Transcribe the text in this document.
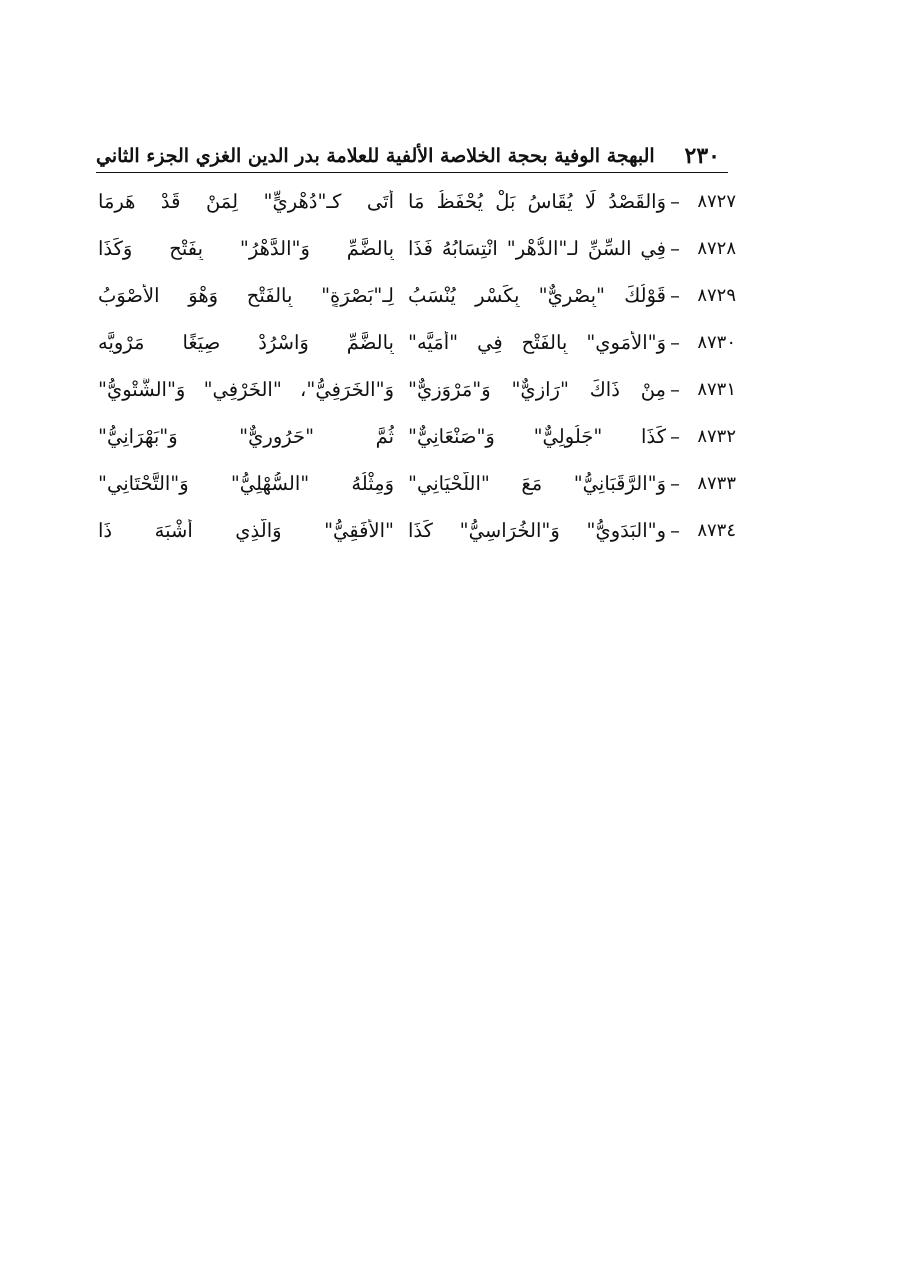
٢٣٠
البهجة الوفية بحجة الخلاصة الألفية للعلامة بدر الدين الغزي الجزء الثاني
٨٧٢٧
–
وَالقَصْدُ لَا يُقَاسُ بَلْ يُحْفَظُ مَا
أَتَى كـ"دُهْرِيٍّ" لِمَنْ قَدْ هَرِمَا
٨٧٢٨
–
فِي السِّنِّ لـ"الدُّهْرِ" انْتِسَابُهُ فَذَا
بِالضَّمِّ وَ"الدَّهْرُ" بِفَتْحٍ وَكَذَا
٨٧٢٩
–
قَوْلُكَ "بِصْرِيٌّ" بِكَسْرٍ يُنْسَبُ
لِـ"بَصْرَةٍ" بِالفَتْحِ وَهْوَ الأَصْوَبُ
٨٧٣٠
–
وَ"الأَمَوِي" بِالفَتْحِ فِي "أُمَيَّه"
بِالضَّمِّ وَاسْرُدْ صِيَغًا مَرْوِيَّه
٨٧٣١
–
مِنْ ذَاكَ "رَازِيٌّ" وَ"مَرْوَزِيٌّ"
وَ"الخَرَفِيُّ"، "الخَرْفِي" وَ"الشُّتْوِيُّ"
٨٧٣٢
–
كَذَا "جَلُولِيٌّ" وَ"صَنْعَانِيٌّ"
ثُمَّ "حَرُورِيٌّ" وَ"بَهْرَانِيُّ"
٨٧٣٣
–
وَ"الرَّقَبَانِيُّ" مَعَ "اللَّحْيَانِي"
وَمِثْلُهُ "السُّهْلِيُّ" وَ"التَّحْتَانِي"
٨٧٣٤
–
و"البَدَوِيُّ" وَ"الخُرَاسِيُّ" كَذَا
"الأَفَقِيُّ" وَالَّذِي أَشْبَهَ ذَا
